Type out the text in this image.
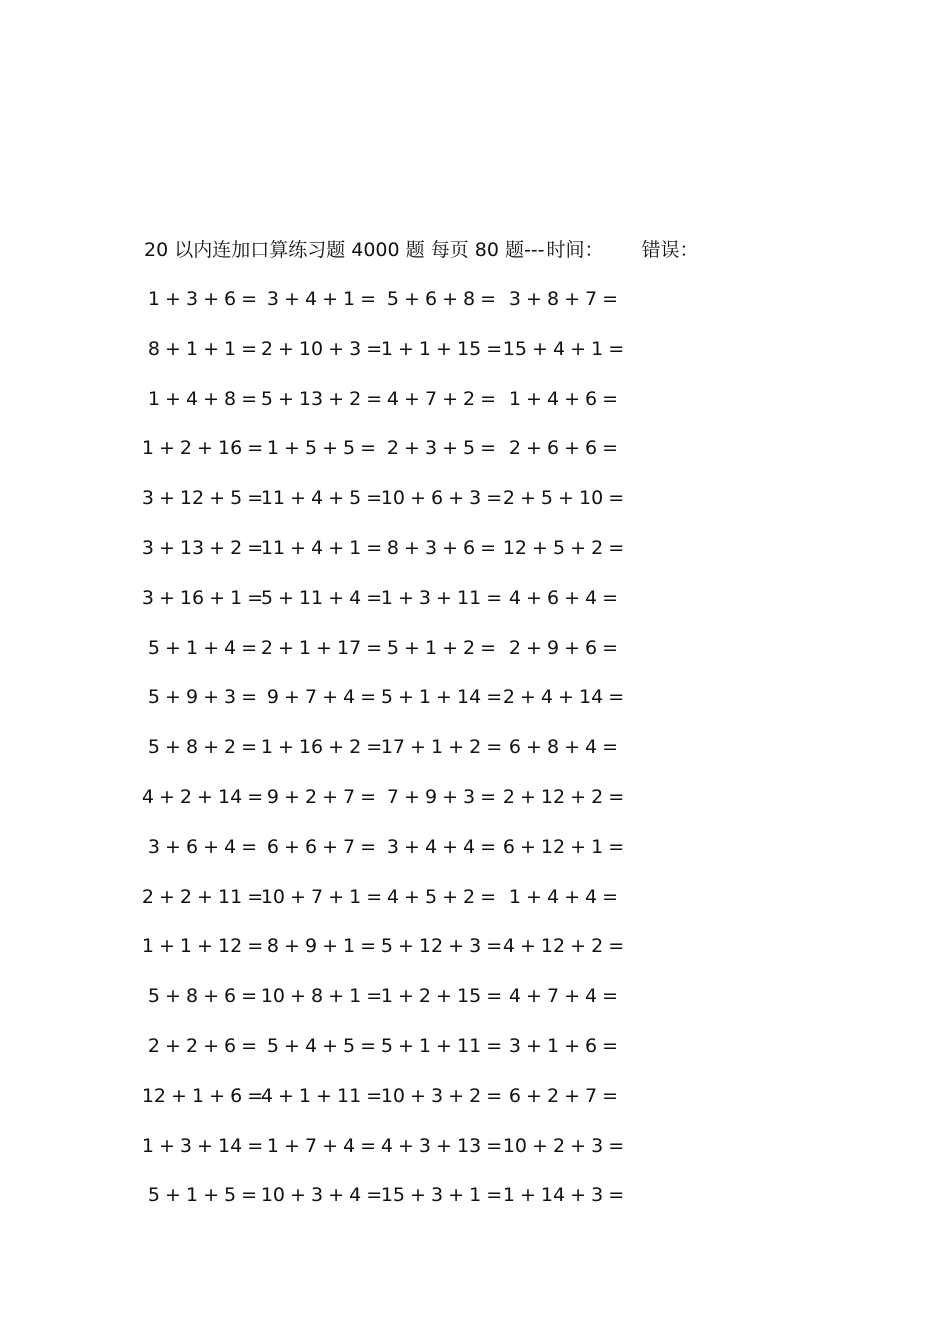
20 以内连加口算练习题 4000 题 每页 80 题--- 时间： 错误：
1 + 3 + 6 = 3 + 4 + 1 = 5 + 6 + 8 = 3 + 8 + 7 =
8 + 1 + 1 = 2 + 10 + 3 =
1 + 1 + 15 = 15 + 4 + 1 =
1 + 4 + 8 = 5 + 13 + 2 = 4 + 7 + 2 = 1 + 4 + 6 =
1 + 2 + 16 = 1 + 5 + 5 = 2 + 3 + 5 = 2 + 6 + 6 =
3 + 12 + 5 =
11 + 4 + 5 =
10 + 6 + 3 = 2 + 5 + 10 =
3 + 13 + 2 =
11 + 4 + 1 = 8 + 3 + 6 = 12 + 5 + 2 =
3 + 16 + 1 =
5 + 11 + 4 =
1 + 3 + 11 = 4 + 6 + 4 =
5 + 1 + 4 = 2 + 1 + 17 = 5 + 1 + 2 = 2 + 9 + 6 =
5 + 9 + 3 = 9 + 7 + 4 = 5 + 1 + 14 = 2 + 4 + 14 =
5 + 8 + 2 = 1 + 16 + 2 =
17 + 1 + 2 = 6 + 8 + 4 =
4 + 2 + 14 = 9 + 2 + 7 = 7 + 9 + 3 = 2 + 12 + 2 =
3 + 6 + 4 = 6 + 6 + 7 = 3 + 4 + 4 = 6 + 12 + 1 =
2 + 2 + 11 =
10 + 7 + 1 = 4 + 5 + 2 = 1 + 4 + 4 =
1 + 1 + 12 = 8 + 9 + 1 = 5 + 12 + 3 = 4 + 12 + 2 =
5 + 8 + 6 = 10 + 8 + 1 =
1 + 2 + 15 = 4 + 7 + 4 =
2 + 2 + 6 = 5 + 4 + 5 = 5 + 1 + 11 = 3 + 1 + 6 =
12 + 1 + 6 =
4 + 1 + 11 =
10 + 3 + 2 = 6 + 2 + 7 =
1 + 3 + 14 = 1 + 7 + 4 = 4 + 3 + 13 = 10 + 2 + 3 =
5 + 1 + 5 = 10 + 3 + 4 =
15 + 3 + 1 = 1 + 14 + 3 =
